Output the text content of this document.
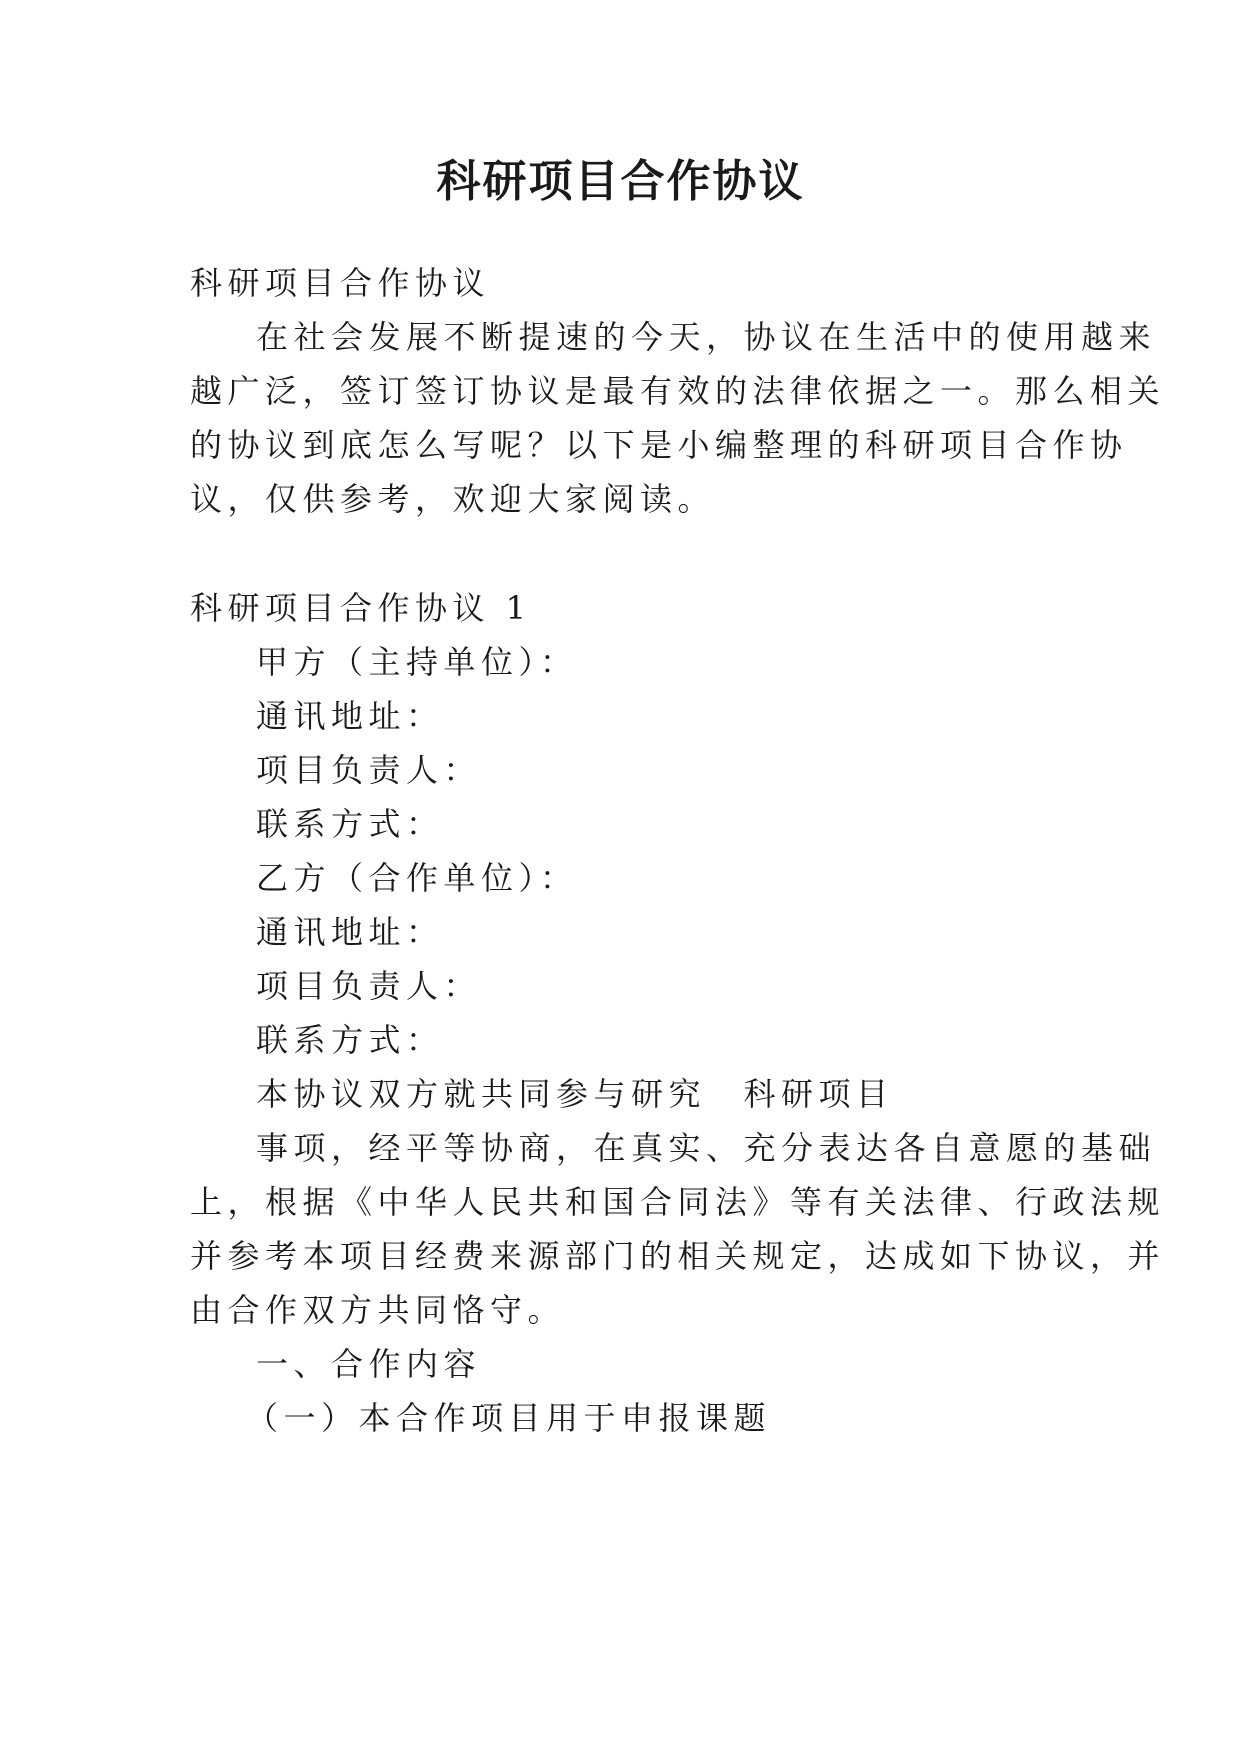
科研项目合作协议
科研项目合作协议
在社会发展不断提速的今天，协议在生活中的使用越来
越广泛，签订签订协议是最有效的法律依据之一。那么相关
的协议到底怎么写呢？以下是小编整理的科研项目合作协
议，仅供参考，欢迎大家阅读。
科研项目合作协议 1
甲方（主持单位）：
通讯地址：
项目负责人：
联系方式：
乙方（合作单位）：
通讯地址：
项目负责人：
联系方式：
本协议双方就共同参与研究　科研项目
事项，经平等协商，在真实、充分表达各自意愿的基础
上，根据《中华人民共和国合同法》等有关法律、行政法规
并参考本项目经费来源部门的相关规定，达成如下协议，并
由合作双方共同恪守。
一、合作内容
（一）本合作项目用于申报课题
